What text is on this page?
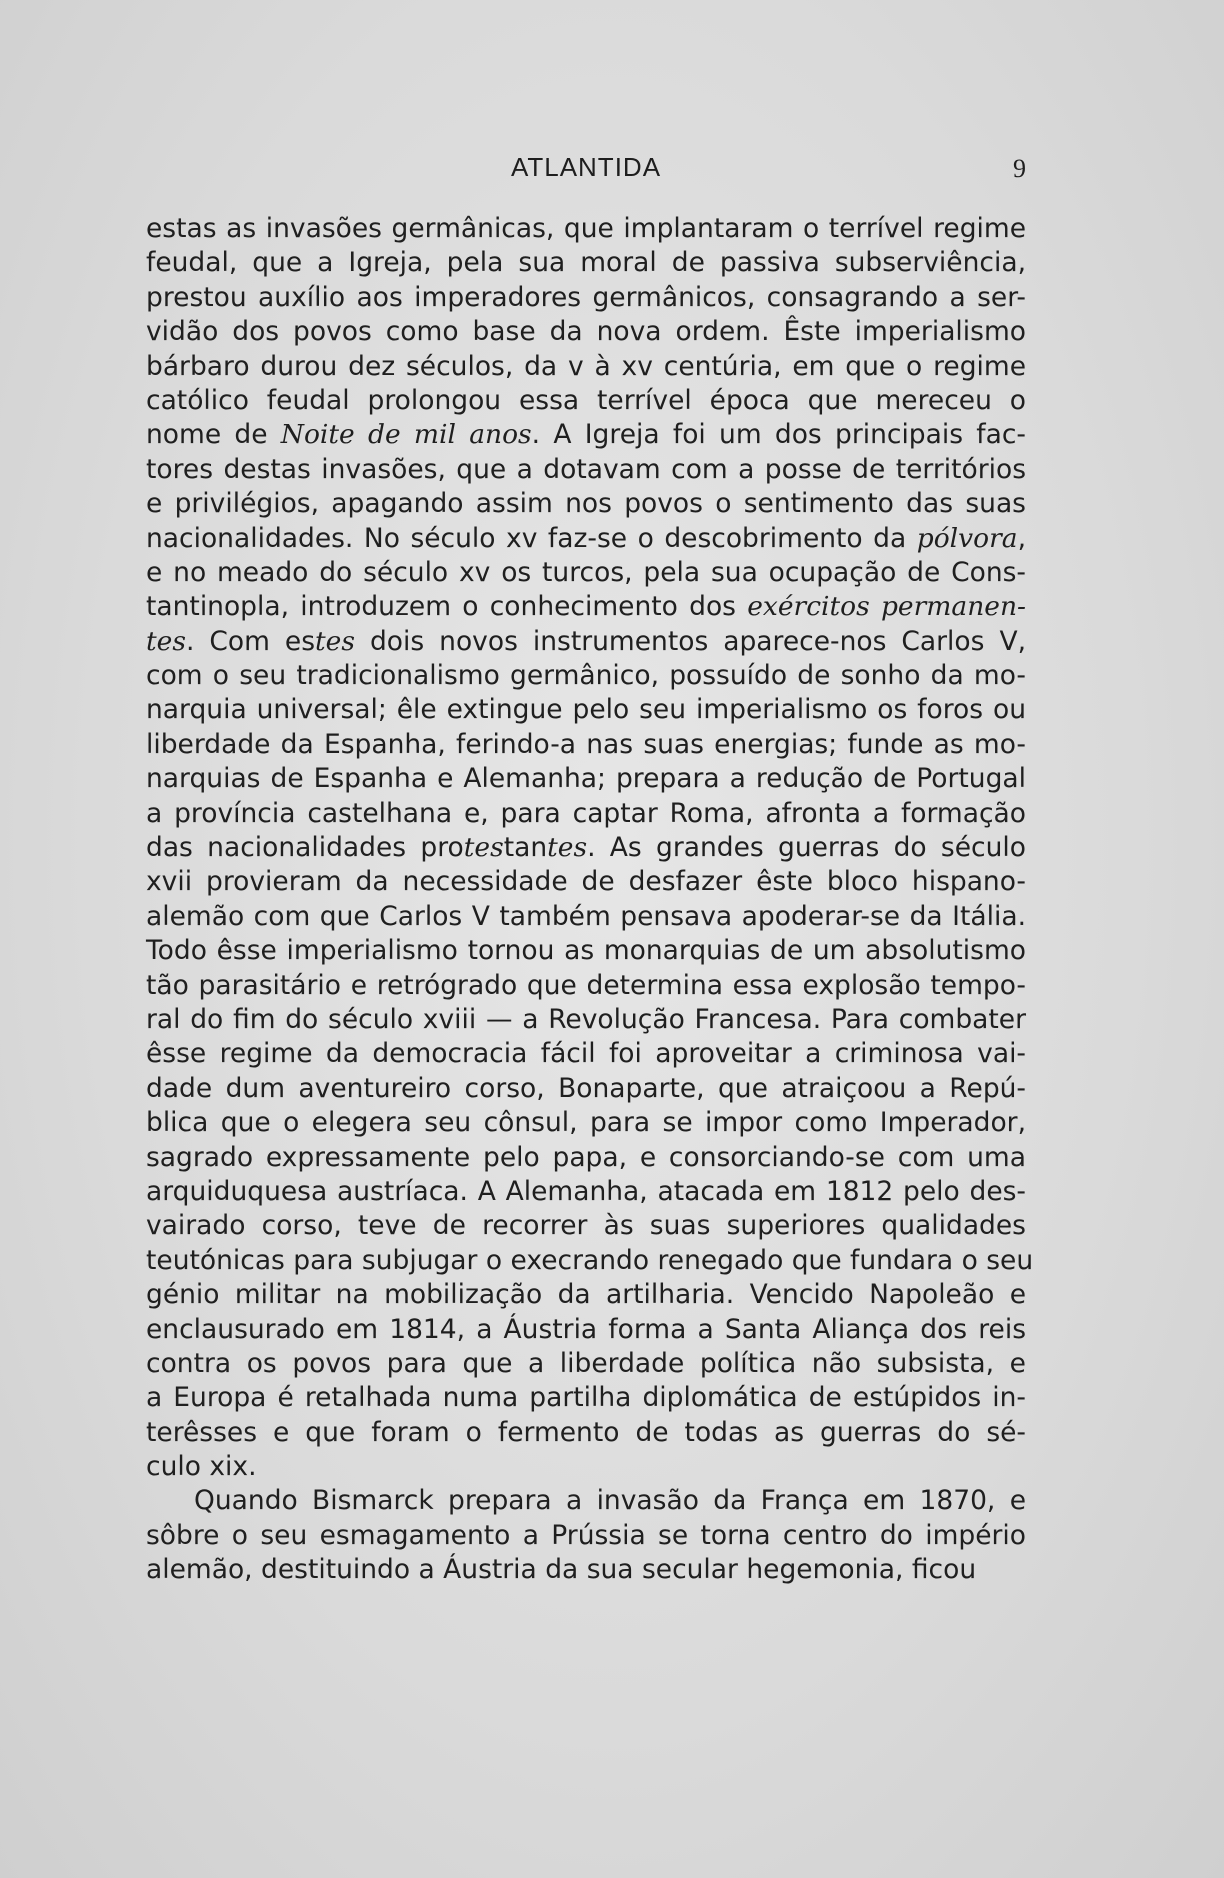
ATLANTIDA	9
estas as invasões germânicas, que implantaram o terrível regime
feudal, que a Igreja, pela sua moral de passiva subserviência,
prestou auxílio aos imperadores germânicos, consagrando a ser-
vidão dos povos como base da nova ordem. Êste imperialismo
bárbaro durou dez séculos, da v à xv centúria, em que o regime
católico feudal prolongou essa terrível época que mereceu o
nome de Noite de mil anos. A Igreja foi um dos principais fac-
tores destas invasões, que a dotavam com a posse de territórios
e privilégios, apagando assim nos povos o sentimento das suas
nacionalidades. No século xv faz-se o descobrimento da pólvora,
e no meado do século xv os turcos, pela sua ocupação de Cons-
tantinopla, introduzem o conhecimento dos exércitos permanen-
tes. Com estes dois novos instrumentos aparece-nos Carlos V,
com o seu tradicionalismo germânico, possuído de sonho da mo-
narquia universal; êle extingue pelo seu imperialismo os foros ou
liberdade da Espanha, ferindo-a nas suas energias; funde as mo-
narquias de Espanha e Alemanha; prepara a redução de Portugal
a província castelhana e, para captar Roma, afronta a formação
das nacionalidades protestantes. As grandes guerras do século
xvii provieram da necessidade de desfazer êste bloco hispano-
alemão com que Carlos V também pensava apoderar-se da Itália.
Todo êsse imperialismo tornou as monarquias de um absolutismo
tão parasitário e retrógrado que determina essa explosão tempo-
ral do fim do século xviii — a Revolução Francesa. Para combater
êsse regime da democracia fácil foi aproveitar a criminosa vai-
dade dum aventureiro corso, Bonaparte, que atraiçoou a Repú-
blica que o elegera seu cônsul, para se impor como Imperador,
sagrado expressamente pelo papa, e consorciando-se com uma
arquiduquesa austríaca. A Alemanha, atacada em 1812 pelo des-
vairado corso, teve de recorrer às suas superiores qualidades
teutónicas para subjugar o execrando renegado que fundara o seu
génio militar na mobilização da artilharia. Vencido Napoleão e
enclausurado em 1814, a Áustria forma a Santa Aliança dos reis
contra os povos para que a liberdade política não subsista, e
a Europa é retalhada numa partilha diplomática de estúpidos in-
terêsses e que foram o fermento de todas as guerras do sé-
culo xix.
Quando Bismarck prepara a invasão da França em 1870, e
sôbre o seu esmagamento a Prússia se torna centro do império
alemão, destituindo a Áustria da sua secular hegemonia, ficou
